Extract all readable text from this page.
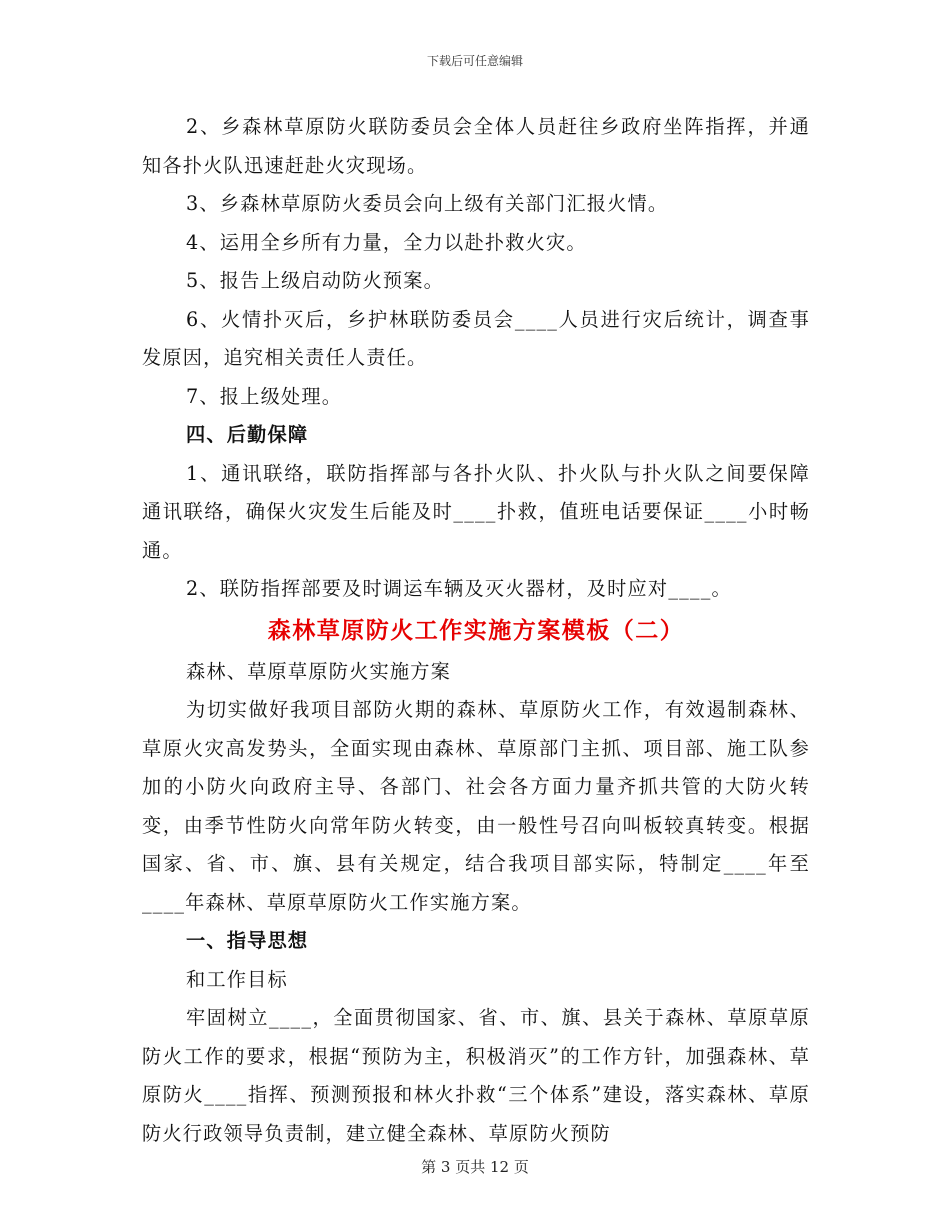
下载后可任意编辑

2、乡森林草原防火联防委员会全体人员赶往乡政府坐阵指挥，并通知各扑火队迅速赶赴火灾现场。

3、乡森林草原防火委员会向上级有关部门汇报火情。

4、运用全乡所有力量，全力以赴扑救火灾。

5、报告上级启动防火预案。

6、火情扑灭后，乡护林联防委员会____人员进行灾后统计，调查事发原因，追究相关责任人责任。

7、报上级处理。

四、后勤保障

1、通讯联络，联防指挥部与各扑火队、扑火队与扑火队之间要保障通讯联络，确保火灾发生后能及时____扑救，值班电话要保证____小时畅通。

2、联防指挥部要及时调运车辆及灭火器材，及时应对____。

森林草原防火工作实施方案模板（二）

森林、草原草原防火实施方案

为切实做好我项目部防火期的森林、草原防火工作，有效遏制森林、草原火灾高发势头，全面实现由森林、草原部门主抓、项目部、施工队参加的小防火向政府主导、各部门、社会各方面力量齐抓共管的大防火转变，由季节性防火向常年防火转变，由一般性号召向叫板较真转变。根据国家、省、市、旗、县有关规定，结合我项目部实际，特制定____年至____年森林、草原草原防火工作实施方案。

一、指导思想

和工作目标

牢固树立____，全面贯彻国家、省、市、旗、县关于森林、草原草原防火工作的要求，根据“预防为主，积极消灭”的工作方针，加强森林、草原防火____指挥、预测预报和林火扑救“三个体系”建设，落实森林、草原防火行政领导负责制，建立健全森林、草原防火预防

第 3 页共 12 页
